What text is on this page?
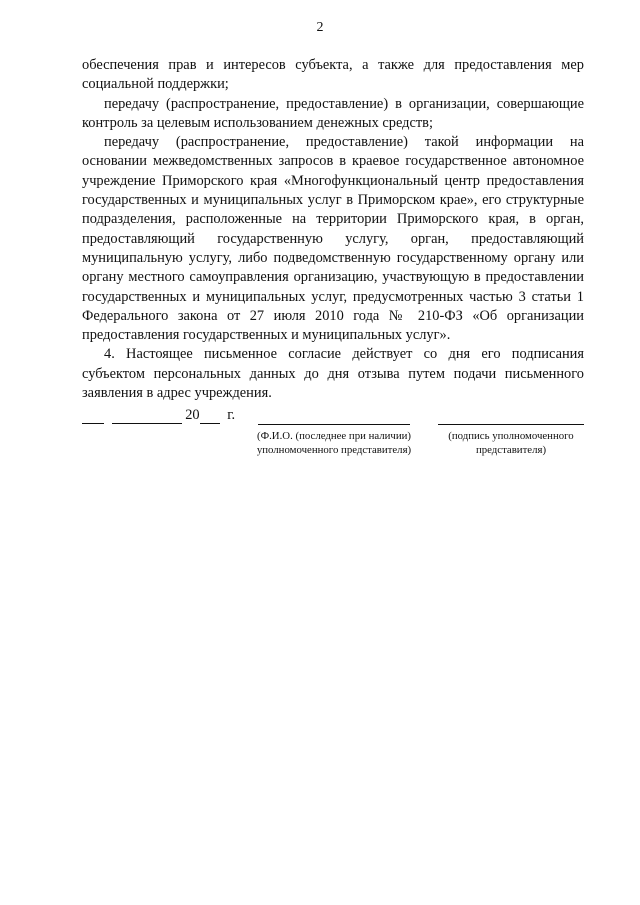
2

обеспечения прав и интересов субъекта, а также для предоставления мер социальной поддержки;

передачу (распространение, предоставление) в организации, совершающие контроль за целевым использованием денежных средств;

передачу (распространение, предоставление) такой информации на основании межведомственных запросов в краевое государственное автономное учреждение Приморского края «Многофункциональный центр предоставления государственных и муниципальных услуг в Приморском крае», его структурные подразделения, расположенные на территории Приморского края, в орган, предоставляющий государственную услугу, орган, предоставляющий муниципальную услугу, либо подведомственную государственному органу или органу местного самоуправления организацию, участвующую в предоставлении государственных и муниципальных услуг, предусмотренных частью 3 статьи 1 Федерального закона от 27 июля 2010 года № 210-ФЗ «Об организации предоставления государственных и муниципальных услуг».

4. Настоящее письменное согласие действует со дня его подписания субъектом персональных данных до дня отзыва путем подачи письменного заявления в адрес учреждения.

20 г.
(Ф.И.О. (последнее при наличии)
уполномоченного представителя)
(подпись уполномоченного
представителя)
